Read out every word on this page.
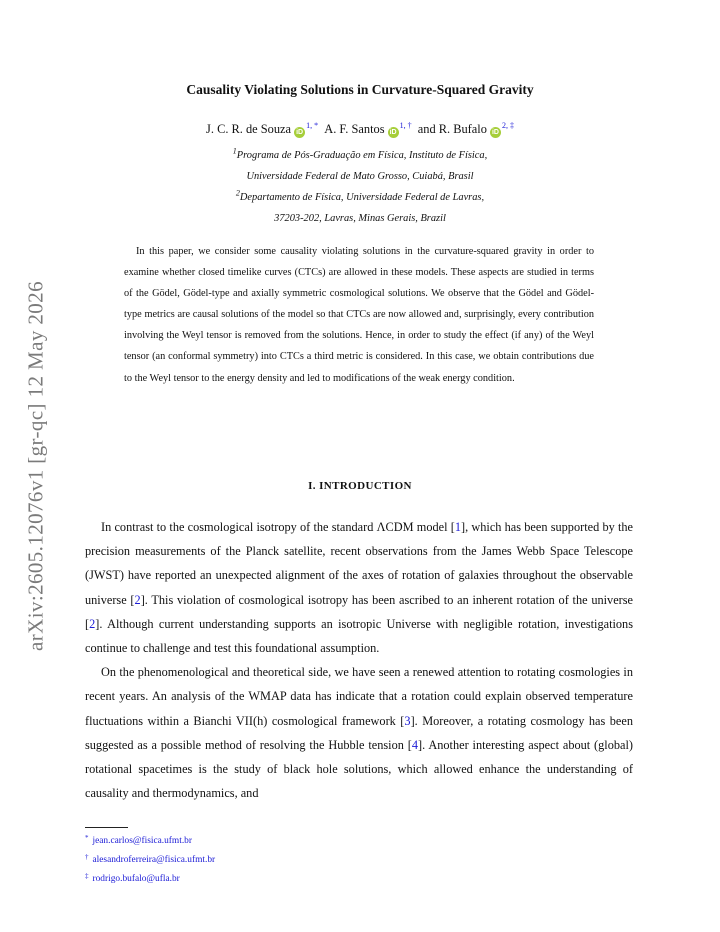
arXiv:2605.12076v1 [gr-qc] 12 May 2026
Causality Violating Solutions in Curvature-Squared Gravity
J. C. R. de Souza $iD^{1, *}$ A. F. Santos $iD^{1, \dagger}$ and R. Bufalo $iD^{2, \ddagger}$
$^1$Programa de Pós-Graduação em Física, Instituto de Física,
Universidade Federal de Mato Grosso, Cuiabá, Brasil
$^2$Departamento de Física, Universidade Federal de Lavras,
37203-202, Lavras, Minas Gerais, Brazil

In this paper, we consider some causality violating solutions in the curvature-squared gravity in order to examine whether closed timelike curves (CTCs) are allowed in these models. These aspects are studied in terms of the Gödel, Gödel-type and axially symmetric cosmological solutions. We observe that the Gödel and Gödel-type metrics are causal solutions of the model so that CTCs are now allowed and, surprisingly, every contribution involving the Weyl tensor is removed from the solutions. Hence, in order to study the effect (if any) of the Weyl tensor (an conformal symmetry) into CTCs a third metric is considered. In this case, we obtain contributions due to the Weyl tensor to the energy density and led to modifications of the weak energy condition.

I. INTRODUCTION

In contrast to the cosmological isotropy of the standard ΛCDM model [1], which has been supported by the precision measurements of the Planck satellite, recent observations from the James Webb Space Telescope (JWST) have reported an unexpected alignment of the axes of rotation of galaxies throughout the observable universe [2]. This violation of cosmological isotropy has been ascribed to an inherent rotation of the universe [2]. Although current understanding supports an isotropic Universe with negligible rotation, investigations continue to challenge and test this foundational assumption.

On the phenomenological and theoretical side, we have seen a renewed attention to rotating cosmologies in recent years. An analysis of the WMAP data has indicate that a rotation could explain observed temperature fluctuations within a Bianchi VII(h) cosmological framework [3]. Moreover, a rotating cosmology has been suggested as a possible method of resolving the Hubble tension [4]. Another interesting aspect about (global) rotational spacetimes is the study of black hole solutions, which allowed enhance the understanding of causality and thermodynamics, and

* jean.carlos@fisica.ufmt.br
† alesandroferreira@fisica.ufmt.br
‡ rodrigo.bufalo@ufla.br
